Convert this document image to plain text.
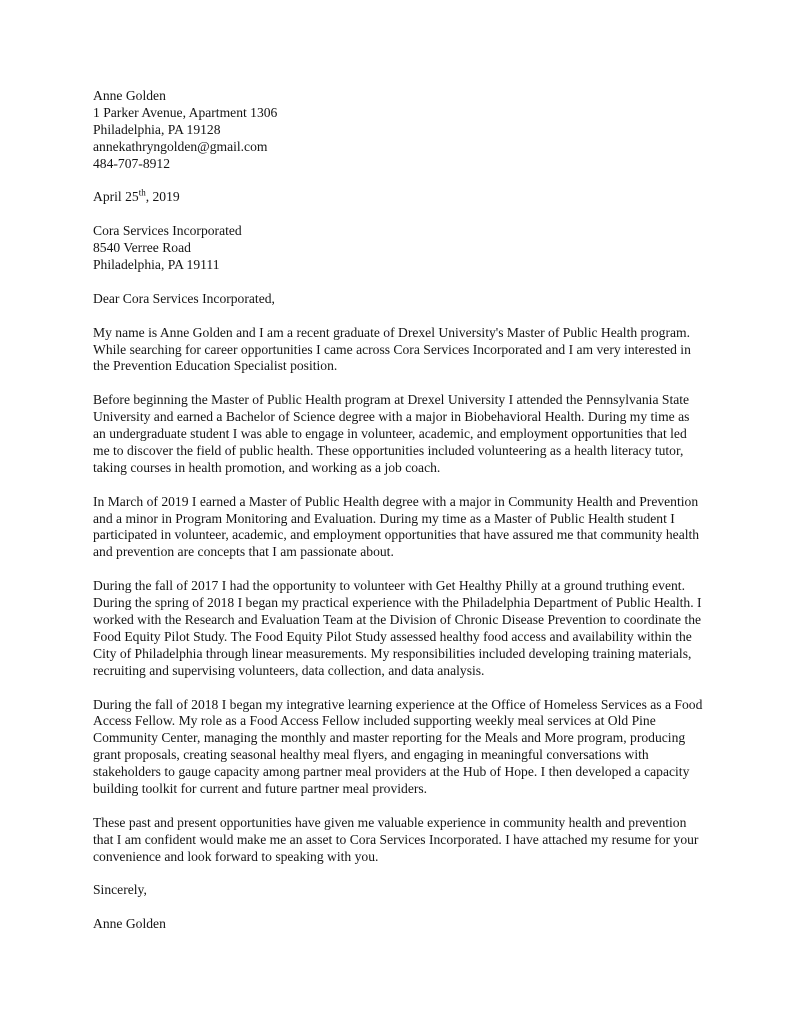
Anne Golden
1 Parker Avenue, Apartment 1306
Philadelphia, PA 19128
annekathryngolden@gmail.com
484-707-8912
April 25th, 2019
Cora Services Incorporated
8540 Verree Road
Philadelphia, PA 19111
Dear Cora Services Incorporated,

My name is Anne Golden and I am a recent graduate of Drexel University's Master of Public Health program. While searching for career opportunities I came across Cora Services Incorporated and I am very interested in the Prevention Education Specialist position.

Before beginning the Master of Public Health program at Drexel University I attended the Pennsylvania State University and earned a Bachelor of Science degree with a major in Biobehavioral Health. During my time as an undergraduate student I was able to engage in volunteer, academic, and employment opportunities that led me to discover the field of public health. These opportunities included volunteering as a health literacy tutor, taking courses in health promotion, and working as a job coach.

In March of 2019 I earned a Master of Public Health degree with a major in Community Health and Prevention and a minor in Program Monitoring and Evaluation. During my time as a Master of Public Health student I participated in volunteer, academic, and employment opportunities that have assured me that community health and prevention are concepts that I am passionate about.

During the fall of 2017 I had the opportunity to volunteer with Get Healthy Philly at a ground truthing event. During the spring of 2018 I began my practical experience with the Philadelphia Department of Public Health. I worked with the Research and Evaluation Team at the Division of Chronic Disease Prevention to coordinate the Food Equity Pilot Study. The Food Equity Pilot Study assessed healthy food access and availability within the City of Philadelphia through linear measurements. My responsibilities included developing training materials, recruiting and supervising volunteers, data collection, and data analysis.

During the fall of 2018 I began my integrative learning experience at the Office of Homeless Services as a Food Access Fellow. My role as a Food Access Fellow included supporting weekly meal services at Old Pine Community Center, managing the monthly and master reporting for the Meals and More program, producing grant proposals, creating seasonal healthy meal flyers, and engaging in meaningful conversations with stakeholders to gauge capacity among partner meal providers at the Hub of Hope. I then developed a capacity building toolkit for current and future partner meal providers.

These past and present opportunities have given me valuable experience in community health and prevention that I am confident would make me an asset to Cora Services Incorporated. I have attached my resume for your convenience and look forward to speaking with you.

Sincerely,
Anne Golden
